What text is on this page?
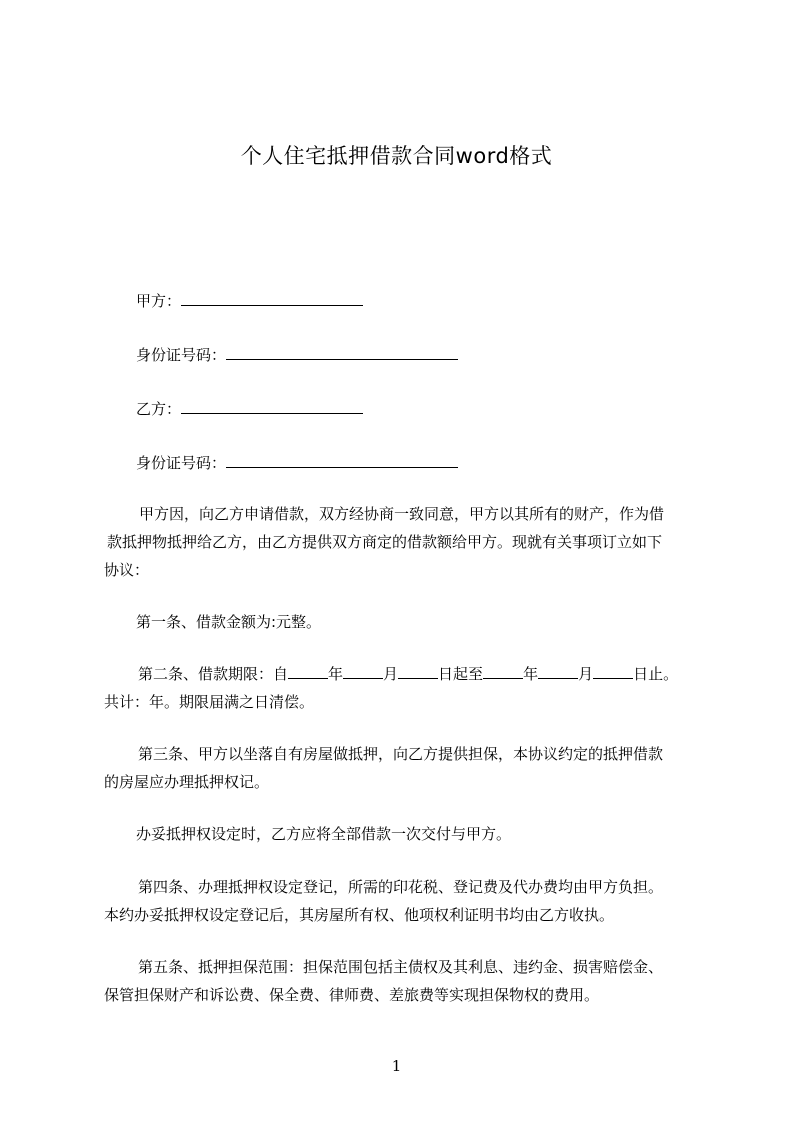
个人住宅抵押借款合同word格式
甲方：
身份证号码：
乙方：
身份证号码：
甲方因，向乙方申请借款，双方经协商一致同意，甲方以其所有的财产，作为借
款抵押物抵押给乙方，由乙方提供双方商定的借款额给甲方。现就有关事项订立如下
协议：
第一条、借款金额为:元整。
第二条、借款期限：自	年	月	日起至	年	月	日止。
共计：年。期限届满之日清偿。
第三条、甲方以坐落自有房屋做抵押，向乙方提供担保，本协议约定的抵押借款
的房屋应办理抵押权记。
办妥抵押权设定时，乙方应将全部借款一次交付与甲方。
第四条、办理抵押权设定登记，所需的印花税、登记费及代办费均由甲方负担。
本约办妥抵押权设定登记后，其房屋所有权、他项权利证明书均由乙方收执。
第五条、抵押担保范围：担保范围包括主债权及其利息、违约金、损害赔偿金、
保管担保财产和诉讼费、保全费、律师费、差旅费等实现担保物权的费用。
1
